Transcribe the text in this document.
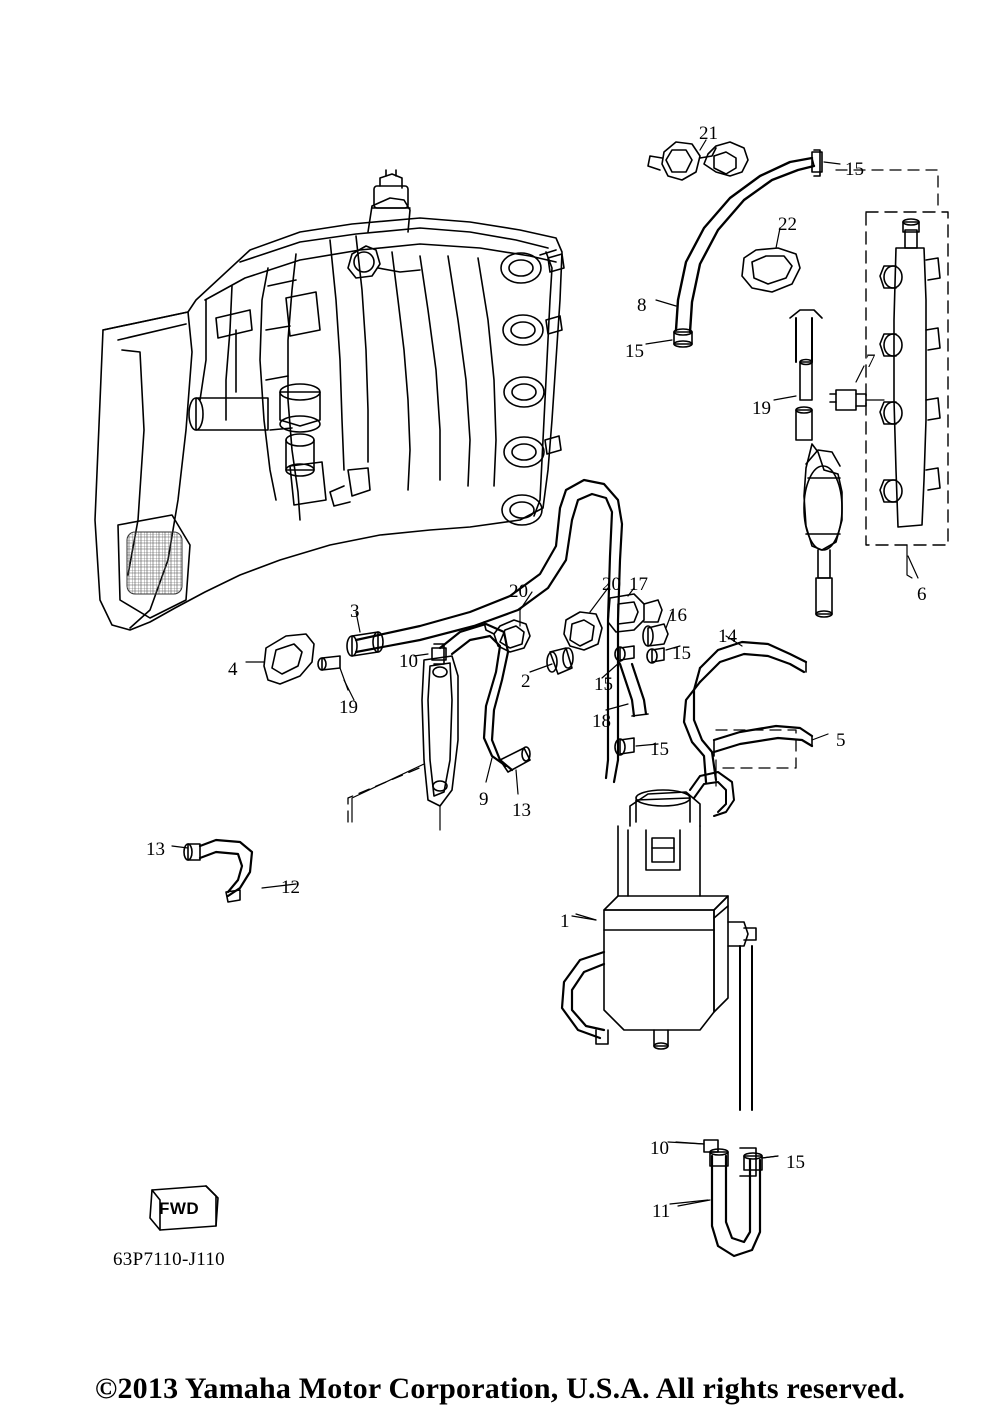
21
15
22
8
15	7
19
6
20	20 17
16
3
14
10
4
15
2	15
19
18
5
15
9
13
13
12
1
10
15
11
FWD
63P7110-J110
©2013 Yamaha Motor Corporation, U.S.A. All rights reserved.
